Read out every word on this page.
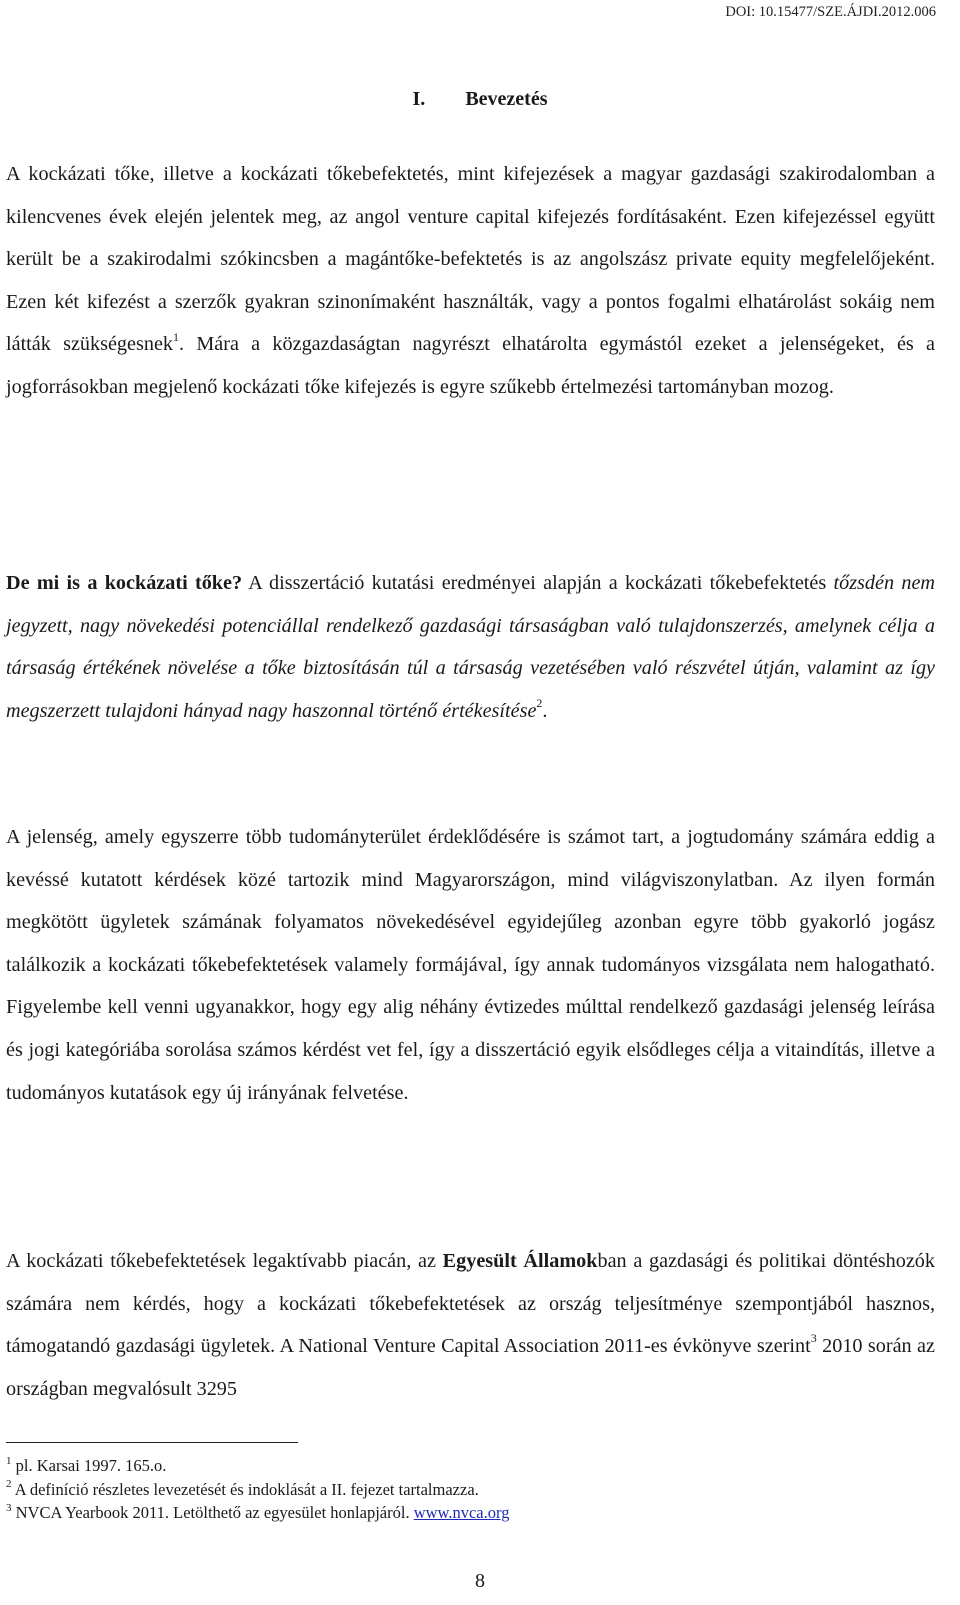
DOI: 10.15477/SZE.ÁJDI.2012.006
I. Bevezetés
A kockázati tőke, illetve a kockázati tőkebefektetés, mint kifejezések a magyar gazdasági szakirodalomban a kilencvenes évek elején jelentek meg, az angol venture capital kifejezés fordításaként. Ezen kifejezéssel együtt került be a szakirodalmi szókincsben a magántőke-befektetés is az angolszász private equity megfelelőjeként. Ezen két kifezést a szerzők gyakran szinonímaként használták, vagy a pontos fogalmi elhatárolást sokáig nem látták szükségesnek$^1$. Mára a közgazdaságtan nagyrészt elhatárolta egymástól ezeket a jelenségeket, és a jogforrásokban megjelenő kockázati tőke kifejezés is egyre szűkebb értelmezési tartományban mozog.
De mi is a kockázati tőke? A disszertáció kutatási eredményei alapján a kockázati tőkebefektetés tőzsdén nem jegyzett, nagy növekedési potenciállal rendelkező gazdasági társaságban való tulajdonszerzés, amelynek célja a társaság értékének növelése a tőke biztosításán túl a társaság vezetésében való részvétel útján, valamint az így megszerzett tulajdoni hányad nagy haszonnal történő értékesítése$^2$.
A jelenség, amely egyszerre több tudományterület érdeklődésére is számot tart, a jogtudomány számára eddig a kevéssé kutatott kérdések közé tartozik mind Magyarországon, mind világviszonylatban. Az ilyen formán megkötött ügyletek számának folyamatos növekedésével egyidejűleg azonban egyre több gyakorló jogász találkozik a kockázati tőkebefektetések valamely formájával, így annak tudományos vizsgálata nem halogatható. Figyelembe kell venni ugyanakkor, hogy egy alig néhány évtizedes múlttal rendelkező gazdasági jelenség leírása és jogi kategóriába sorolása számos kérdést vet fel, így a disszertáció egyik elsődleges célja a vitaindítás, illetve a tudományos kutatások egy új irányának felvetése.
A kockázati tőkebefektetések legaktívabb piacán, az Egyesült Államokban a gazdasági és politikai döntéshozók számára nem kérdés, hogy a kockázati tőkebefektetések az ország teljesítménye szempontjából hasznos, támogatandó gazdasági ügyletek. A National Venture Capital Association 2011-es évkönyve szerint$^3$ 2010 során az országban megvalósult 3295
$^1$ pl. Karsai 1997. 165.o.
$^2$ A definíció részletes levezetését és indoklását a II. fejezet tartalmazza.
$^3$ NVCA Yearbook 2011. Letölthető az egyesület honlapjáról. www.nvca.org
8
